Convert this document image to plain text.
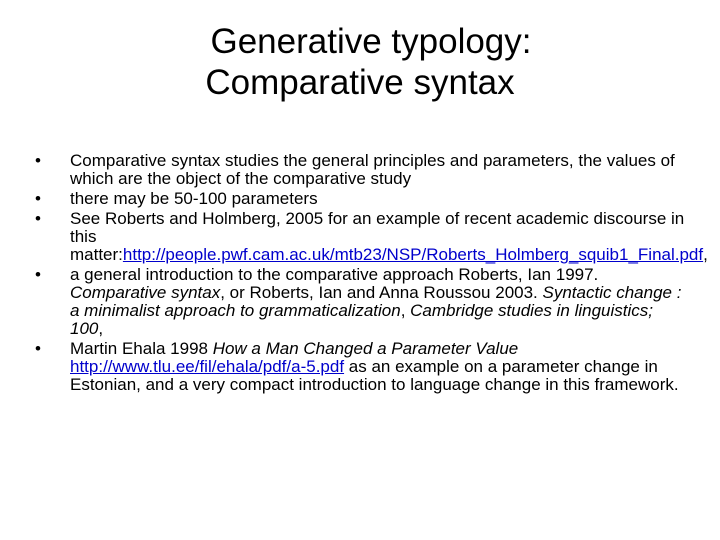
Generative typology:
Comparative syntax
•	Comparative syntax studies the general principles and parameters, the values of which are the object of the comparative study
•	there may be 50-100 parameters
•	See Roberts and Holmberg, 2005 for an example of recent academic discourse in this matter:http://people.pwf.cam.ac.uk/mtb23/NSP/Roberts_Holmberg_squib1_Final.pdf,
•	a general introduction to the comparative approach Roberts, Ian 1997. Comparative syntax, or Roberts, Ian and Anna Roussou 2003. Syntactic change : a minimalist approach to grammaticalization, Cambridge studies in linguistics; 100,
•	Martin Ehala 1998 How a Man Changed a Parameter Value
http://www.tlu.ee/fil/ehala/pdf/a-5.pdf as an example on a parameter change in Estonian, and a very compact introduction to language change in this framework.
